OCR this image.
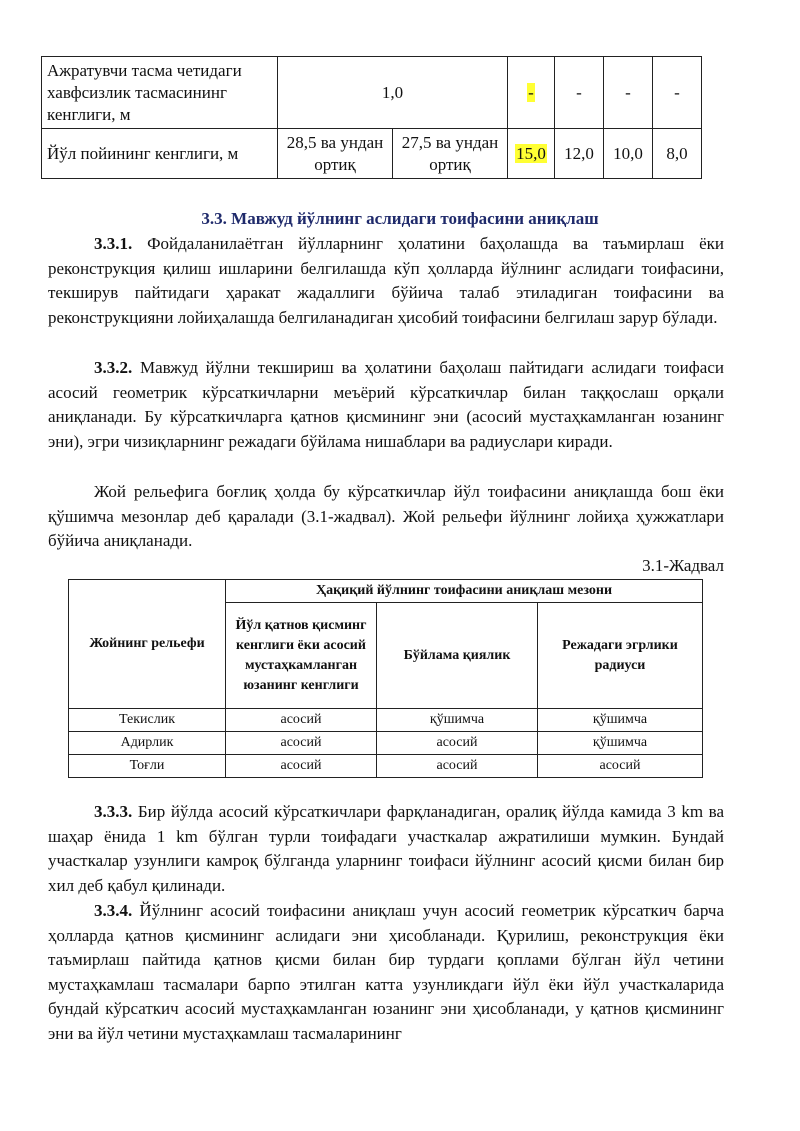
Ажратувчи тасма четидаги хавфсизлик тасмасининг кенглиги, м	1,0		-	-	-	-
Йўл пойининг кенглиги, м	28,5 ва ундан ортиқ	27,5 ва ундан ортиқ	15,0	12,0	10,0	8,0
3.3. Мавжуд йўлнинг аслидаги тоифасини аниқлаш
3.3.1. Фойдаланилаётган йўлларнинг ҳолатини баҳолашда ва таъмирлаш ёки реконструкция қилиш ишларини белгилашда кўп ҳолларда йўлнинг аслидаги тоифасини, текширув пайтидаги ҳаракат жадаллиги бўйича талаб этиладиган тоифасини ва реконструкцияни лойиҳалашда белгиланадиган ҳисобий тоифасини белгилаш зарур бўлади.
3.3.2. Мавжуд йўлни текшириш ва ҳолатини баҳолаш пайтидаги аслидаги тоифаси асосий геометрик кўрсаткичларни меъёрий кўрсаткичлар билан таққослаш орқали аниқланади. Бу кўрсаткичларга қатнов қисмининг эни (асосий мустаҳкамланган юзанинг эни), эгри чизиқларнинг режадаги бўйлама нишаблари ва радиуслари киради.
Жой рельефига боғлиқ ҳолда бу кўрсаткичлар йўл тоифасини аниқлашда бош ёки қўшимча мезонлар деб қаралади (3.1-жадвал). Жой рельефи йўлнинг лойиҳа ҳужжатлари бўйича аниқланади.
3.1-Жадвал
Жойнинг рельефи	Ҳақиқий йўлнинг тоифасини аниқлаш мезони		
	Йўл қатнов қисминг кенглиги ёки асосий мустаҳкамланган юзанинг кенглиги	Бўйлама қиялик	Режадаги эгрлики радиуси
Текислик	асосий	қўшимча	қўшимча
Адирлик	асосий	асосий	қўшимча
Тоғли	асосий	асосий	асосий
3.3.3. Бир йўлда асосий кўрсаткичлари фарқланадиган, оралиқ йўлда камида 3 km ва шаҳар ёнида 1 km бўлган турли тоифадаги участкалар ажратилиши мумкин. Бундай участкалар узунлиги камроқ бўлганда уларнинг тоифаси йўлнинг асосий қисми билан бир хил деб қабул қилинади.
3.3.4. Йўлнинг асосий тоифасини аниқлаш учун асосий геометрик кўрсаткич барча ҳолларда қатнов қисмининг аслидаги эни ҳисобланади. Қурилиш, реконструкция ёки таъмирлаш пайтида қатнов қисми билан бир турдаги қоплами бўлган йўл четини мустаҳкамлаш тасмалари барпо этилган катта узунликдаги йўл ёки йўл участкаларида бундай кўрсаткич асосий мустаҳкамланган юзанинг эни ҳисобланади, у қатнов қисмининг эни ва йўл четини мустаҳкамлаш тасмаларининг
